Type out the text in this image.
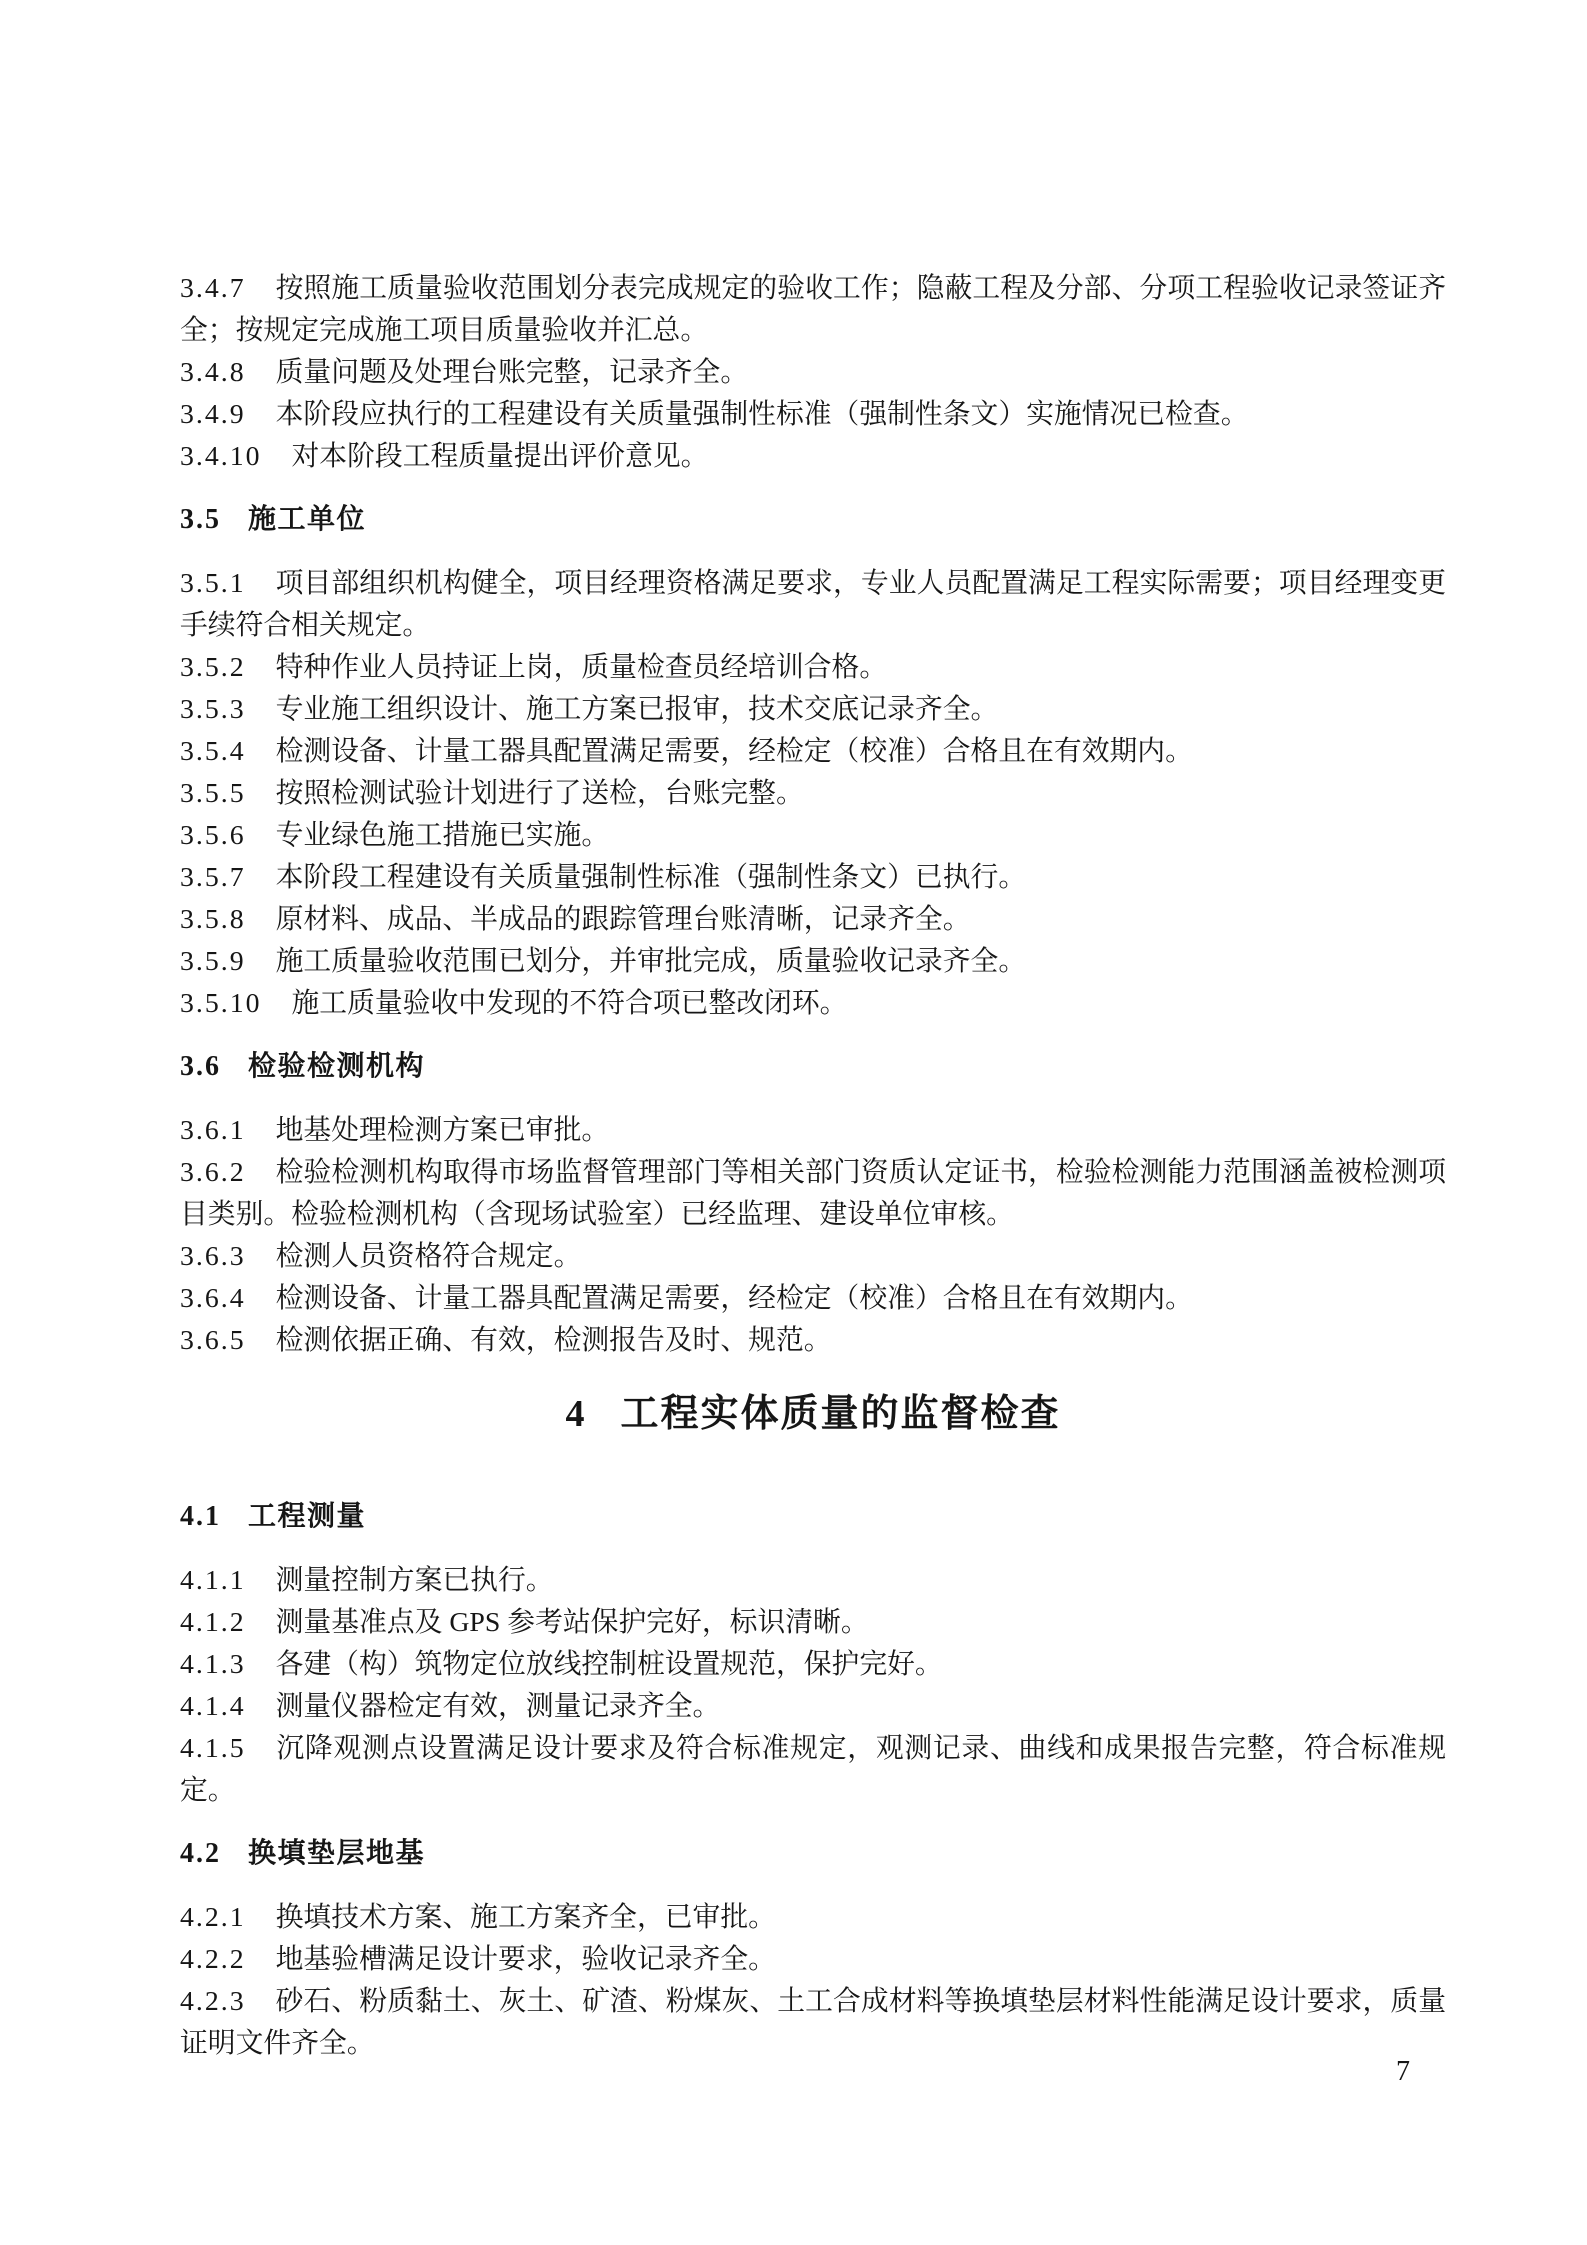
3.4.7 按照施工质量验收范围划分表完成规定的验收工作；隐蔽工程及分部、分项工程验收记录签证齐全；按规定完成施工项目质量验收并汇总。

3.4.8 质量问题及处理台账完整，记录齐全。

3.4.9 本阶段应执行的工程建设有关质量强制性标准（强制性条文）实施情况已检查。

3.4.10 对本阶段工程质量提出评价意见。

3.5 施工单位

3.5.1 项目部组织机构健全，项目经理资格满足要求，专业人员配置满足工程实际需要；项目经理变更手续符合相关规定。

3.5.2 特种作业人员持证上岗，质量检查员经培训合格。

3.5.3 专业施工组织设计、施工方案已报审，技术交底记录齐全。

3.5.4 检测设备、计量工器具配置满足需要，经检定（校准）合格且在有效期内。

3.5.5 按照检测试验计划进行了送检，台账完整。

3.5.6 专业绿色施工措施已实施。

3.5.7 本阶段工程建设有关质量强制性标准（强制性条文）已执行。

3.5.8 原材料、成品、半成品的跟踪管理台账清晰，记录齐全。

3.5.9 施工质量验收范围已划分，并审批完成，质量验收记录齐全。

3.5.10 施工质量验收中发现的不符合项已整改闭环。

3.6 检验检测机构

3.6.1 地基处理检测方案已审批。

3.6.2 检验检测机构取得市场监督管理部门等相关部门资质认定证书，检验检测能力范围涵盖被检测项目类别。检验检测机构（含现场试验室）已经监理、建设单位审核。

3.6.3 检测人员资格符合规定。

3.6.4 检测设备、计量工器具配置满足需要，经检定（校准）合格且在有效期内。

3.6.5 检测依据正确、有效，检测报告及时、规范。

4 工程实体质量的监督检查
4.1 工程测量

4.1.1 测量控制方案已执行。

4.1.2 测量基准点及 GPS 参考站保护完好，标识清晰。

4.1.3 各建（构）筑物定位放线控制桩设置规范，保护完好。

4.1.4 测量仪器检定有效，测量记录齐全。

4.1.5 沉降观测点设置满足设计要求及符合标准规定，观测记录、曲线和成果报告完整，符合标准规定。

4.2 换填垫层地基

4.2.1 换填技术方案、施工方案齐全，已审批。

4.2.2 地基验槽满足设计要求，验收记录齐全。

4.2.3 砂石、粉质黏土、灰土、矿渣、粉煤灰、土工合成材料等换填垫层材料性能满足设计要求，质量证明文件齐全。

7
